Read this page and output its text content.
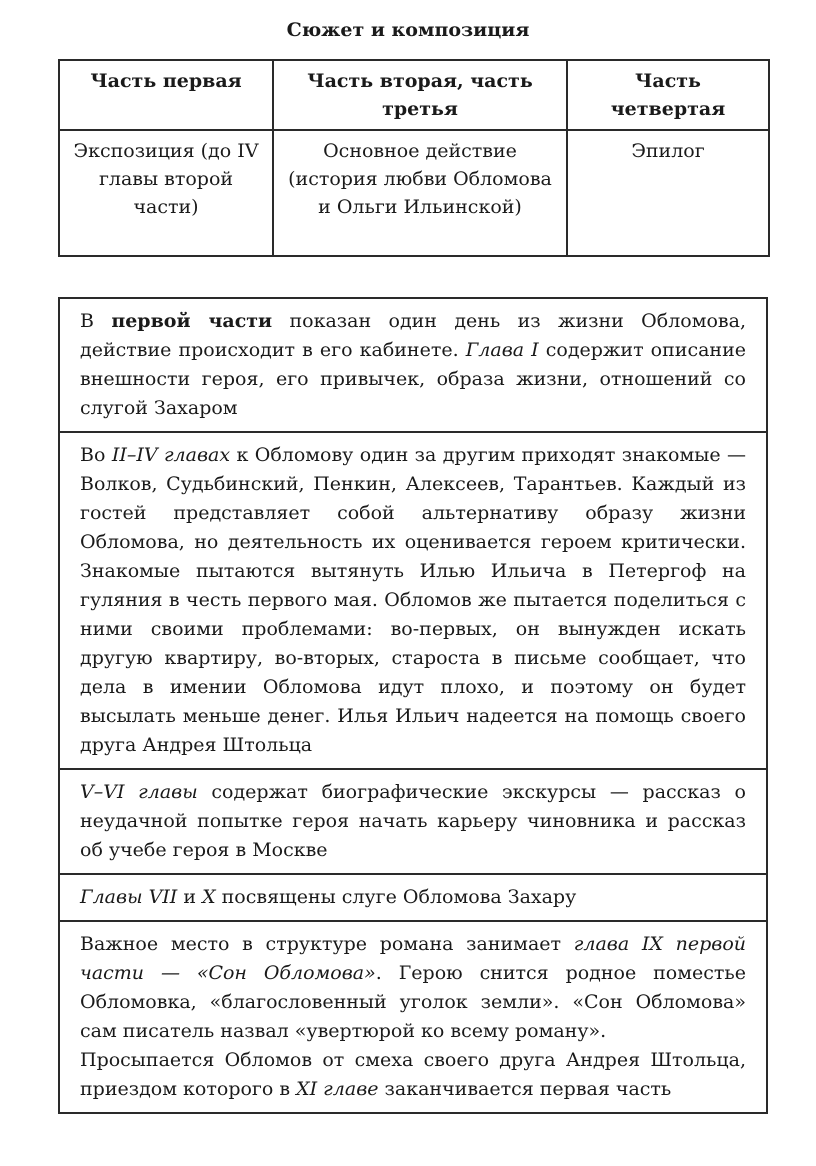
Сюжет и композиция
Часть первая	Часть вторая, часть третья	Часть четвертая
Экспозиция (до IV главы второй части)	Основное действие (история любви Обломова и Ольги Ильинской)	Эпилог

В первой части показан один день из жизни Обломова, действие происходит в его кабинете. Глава I содержит описание внешности героя, его привычек, образа жизни, отношений со слугой Захаром

Во II–IV главах к Обломову один за другим приходят знакомые — Волков, Судьбинский, Пенкин, Алексеев, Тарантьев. Каждый из гостей представляет собой альтернативу образу жизни Обломова, но деятельность их оценивается героем критически. Знакомые пытаются вытянуть Илью Ильича в Петергоф на гуляния в честь первого мая. Обломов же пытается поделиться с ними своими проблемами: во-первых, он вынужден искать другую квартиру, во-вторых, староста в письме сообщает, что дела в имении Обломова идут плохо, и поэтому он будет высылать меньше денег. Илья Ильич надеется на помощь своего друга Андрея Штольца

V–VI главы содержат биографические экскурсы — рассказ о неудачной попытке героя начать карьеру чиновника и рассказ об учебе героя в Москве

Главы VII и X посвящены слуге Обломова Захару

Важное место в структуре романа занимает глава IX первой части — «Сон Обломова». Герою снится родное поместье Обломовка, «благословенный уголок земли». «Сон Обломова» сам писатель назвал «увертюрой ко всему роману».

Просыпается Обломов от смеха своего друга Андрея Штольца, приездом которого в XI главе заканчивается первая часть
